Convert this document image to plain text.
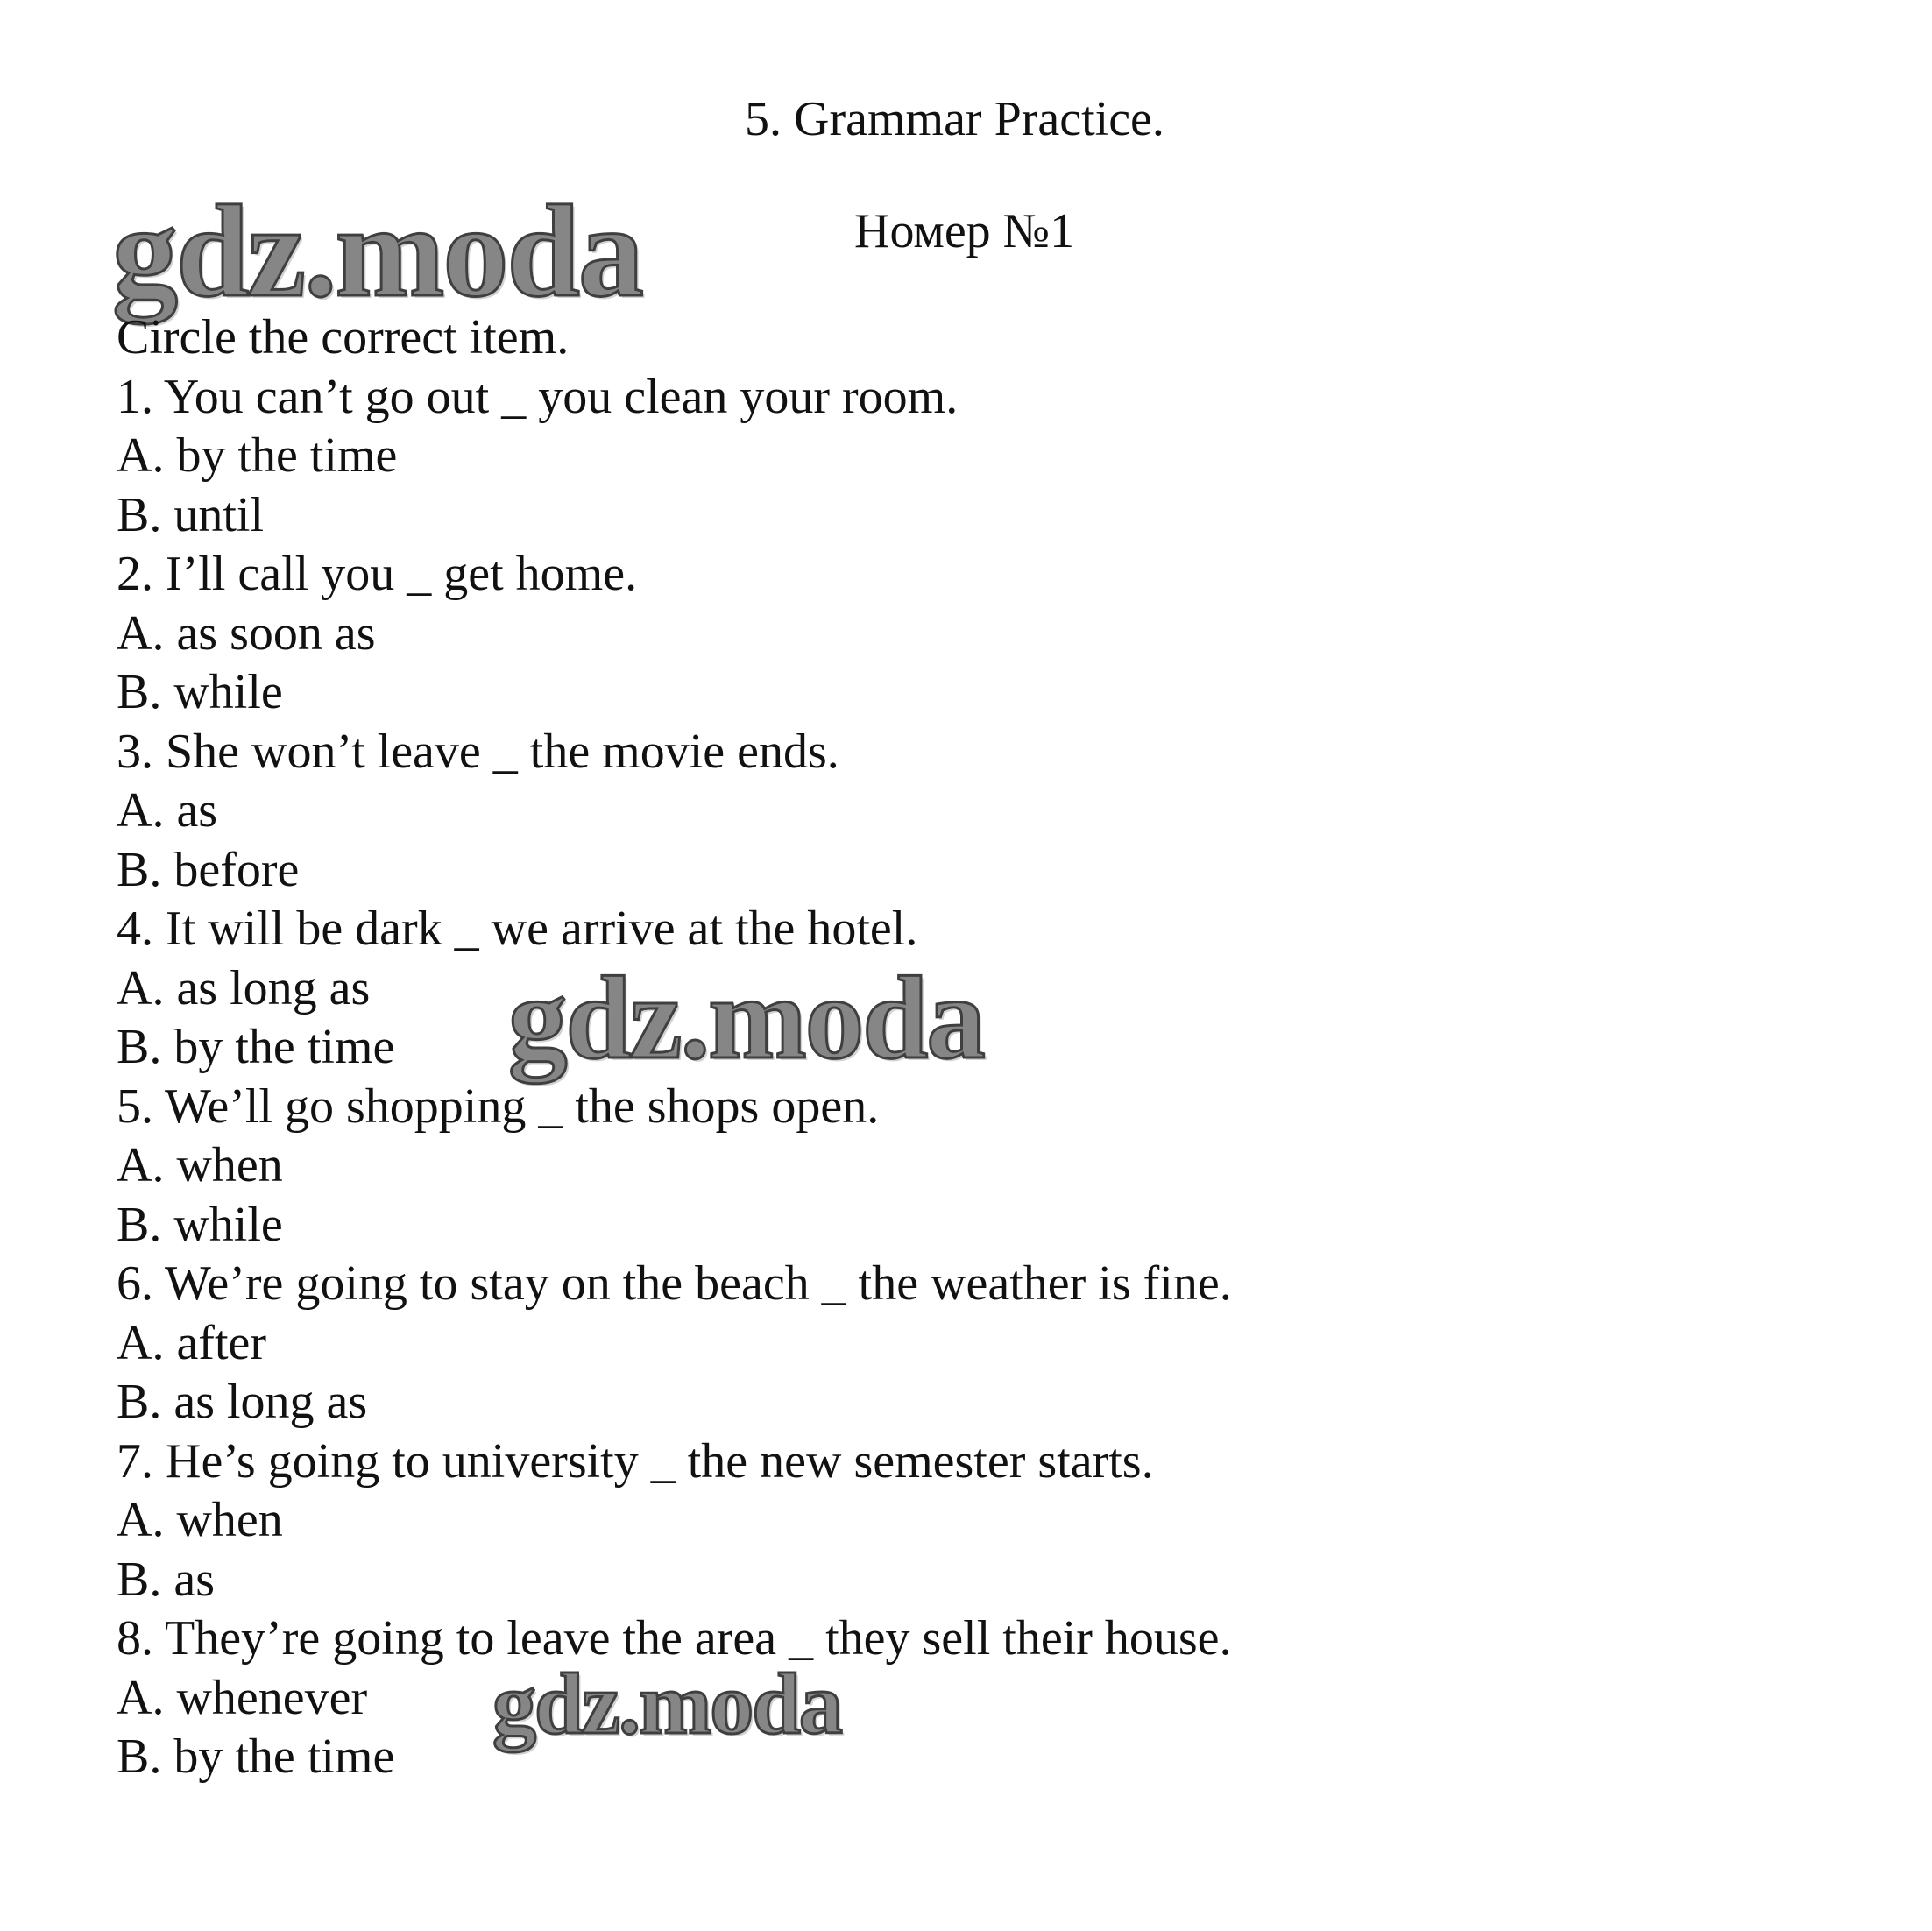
5. Grammar Practice.
Номер №1
gdz.moda
Circle the correct item.
1. You can’t go out _ you clean your room.
A. by the time
B. until
2. I’ll call you _ get home.
A. as soon as
B. while
3. She won’t leave _ the movie ends.
A. as
B. before
4. It will be dark _ we arrive at the hotel.
A. as long as
B. by the time
5. We’ll go shopping _ the shops open.
A. when
B. while
6. We’re going to stay on the beach _ the weather is fine.
A. after
B. as long as
7. He’s going to university _ the new semester starts.
A. when
B. as
8. They’re going to leave the area _ they sell their house.
A. whenever
B. by the time
gdz.moda
gdz.moda
